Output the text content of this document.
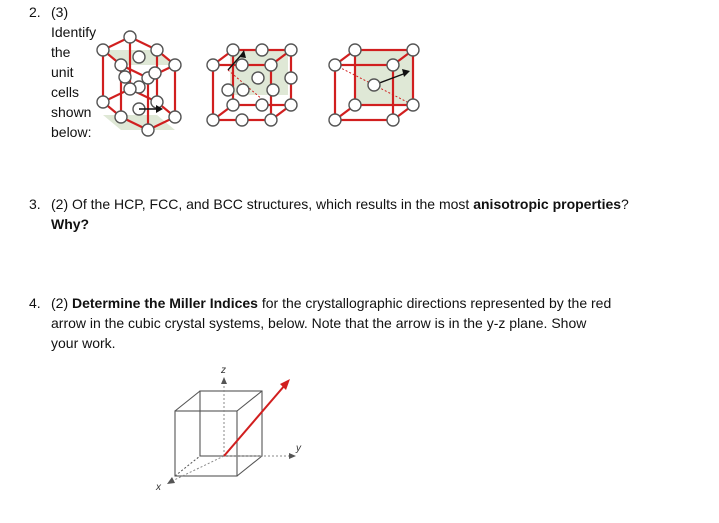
2. (3) Identify the unit cells shown below:
3. (2) Of the HCP, FCC, and BCC structures, which results in the most anisotropic properties?
Why?
4. (2) Determine the Miller Indices for the crystallographic directions represented by the red
arrow in the cubic crystal systems, below. Note that the arrow is in the y-z plane. Show
your work.
z
y
x
